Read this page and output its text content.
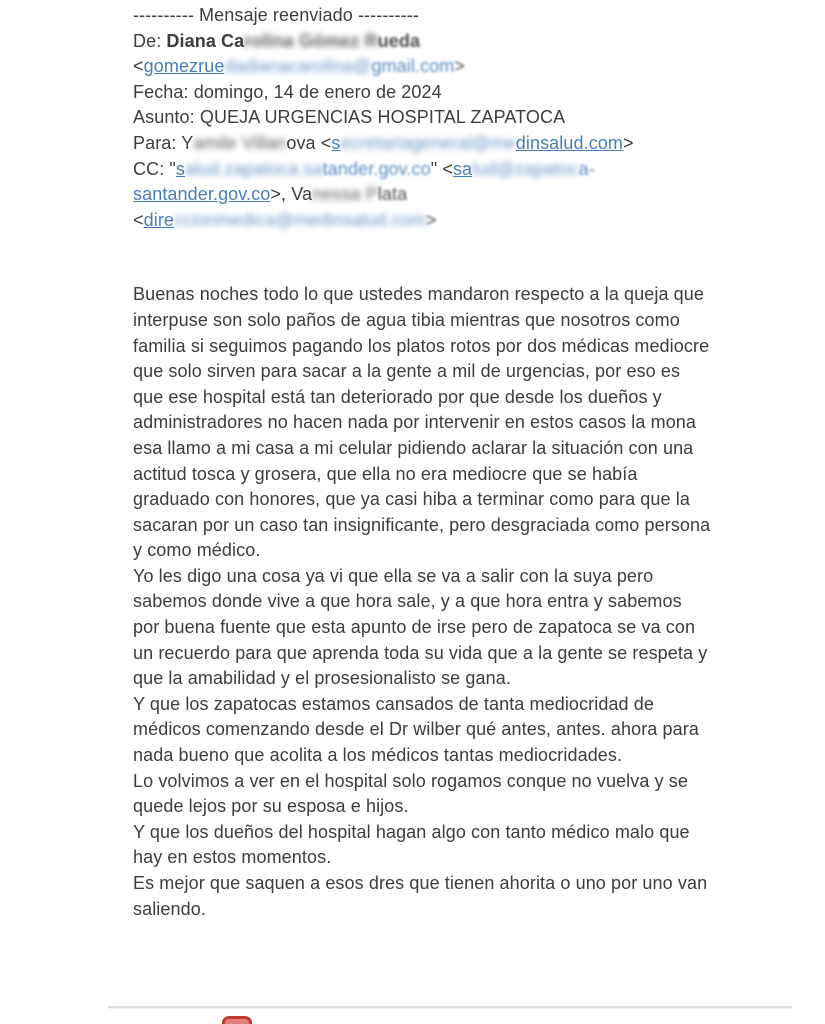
---------- Mensaje reenviado ----------
De: Diana Carolina Gómez Rueda
<gomezruedadianacarolina@gmail.com>
Fecha: domingo, 14 de enero de 2024
Asunto: QUEJA URGENCIAS HOSPITAL ZAPATOCA
Para: Yamile Villanova <secretariageneral@medinsalud.com>
CC: "salud.zapatoca.satander.gov.co" <salud@zapatoca-
santander.gov.co>, Vanessa Plata
<direccionmedica@medinsalud.com>

Buenas noches todo lo que ustedes mandaron respecto a la queja que interpuse son solo paños de agua tibia mientras que nosotros como familia si seguimos pagando los platos rotos por dos médicas mediocre que solo sirven para sacar a la gente a mil de urgencias, por eso es que ese hospital está tan deteriorado por que desde los dueños y administradores no hacen nada por intervenir en estos casos la mona esa llamo a mi casa a mi celular pidiendo aclarar la situación con una actitud tosca y grosera, que ella no era mediocre que se había graduado con honores, que ya casi hiba a terminar como para que la sacaran por un caso tan insignificante, pero desgraciada como persona y como médico.

Yo les digo una cosa ya vi que ella se va a salir con la suya pero sabemos donde vive a que hora sale, y a que hora entra y sabemos por buena fuente que esta apunto de irse pero de zapatoca se va con un recuerdo para que aprenda toda su vida que a la gente se respeta y que la amabilidad y el prosesionalisto se gana.

Y que los zapatocas estamos cansados de tanta mediocridad de médicos comenzando desde el Dr wilber qué antes, antes. ahora para nada bueno que acolita a los médicos tantas mediocridades.

Lo volvimos a ver en el hospital solo rogamos conque no vuelva y se quede lejos por su esposa e hijos.

Y que los dueños del hospital hagan algo con tanto médico malo que hay en estos momentos.

Es mejor que saquen a esos dres que tienen ahorita o uno por uno van saliendo.
